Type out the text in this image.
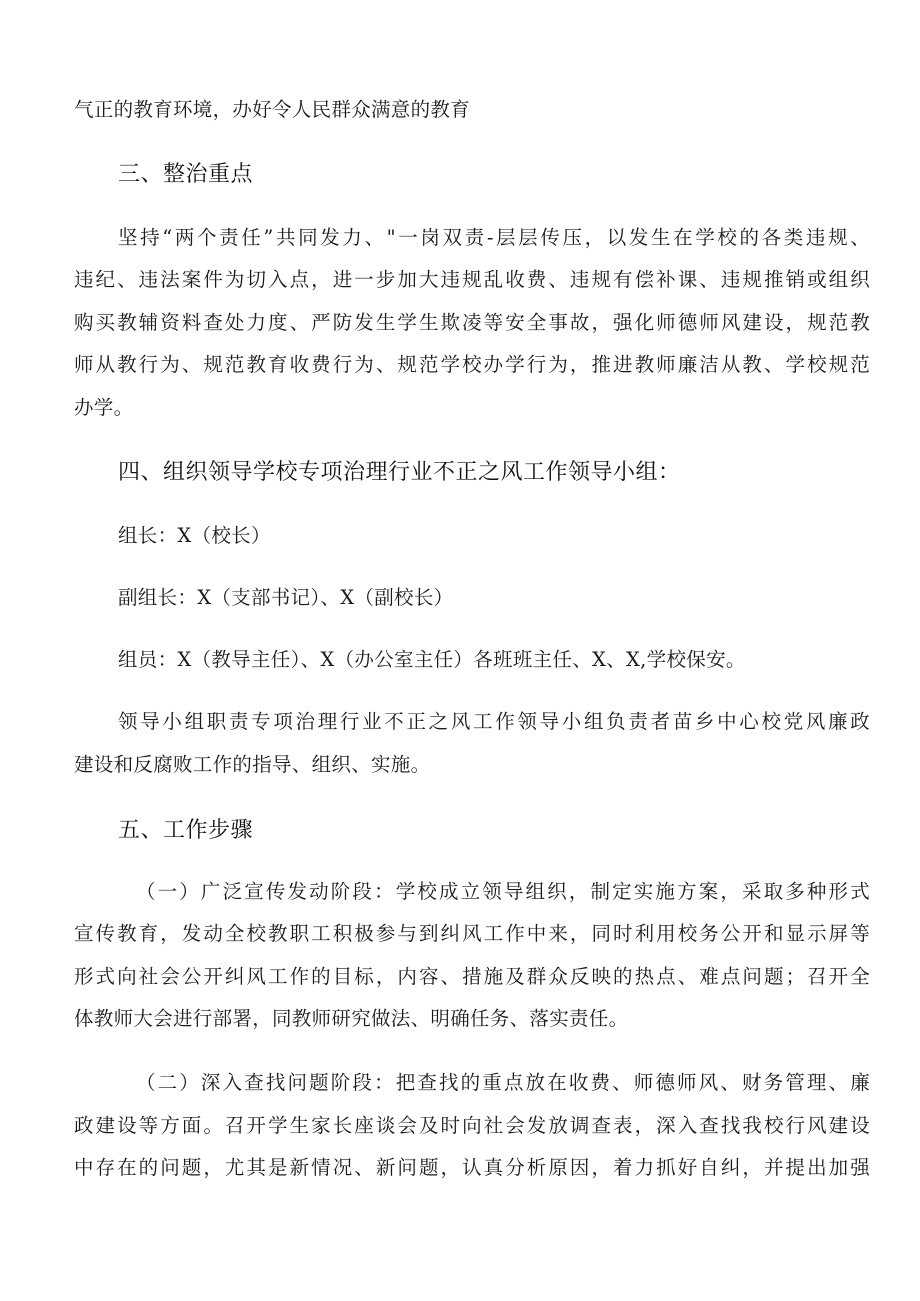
气正的教育环境，办好令人民群众满意的教育
三、整治重点
坚持“两个责任”共同发力、"一岗双责-层层传压，以发生在学校的各类违规、
违纪、违法案件为切入点，进一步加大违规乱收费、违规有偿补课、违规推销或组织
购买教辅资料查处力度、严防发生学生欺凌等安全事故，强化师德师风建设，规范教
师从教行为、规范教育收费行为、规范学校办学行为，推进教师廉洁从教、学校规范
办学。
四、组织领导学校专项治理行业不正之风工作领导小组：
组长：X（校长）
副组长：X（支部书记）、X（副校长）
组员：X（教导主任）、X（办公室主任）各班班主任、X、X,学校保安。
领导小组职责专项治理行业不正之风工作领导小组负责者苗乡中心校党风廉政
建设和反腐败工作的指导、组织、实施。
五、工作步骤
（一）广泛宣传发动阶段：学校成立领导组织，制定实施方案，采取多种形式
宣传教育，发动全校教职工积极参与到纠风工作中来，同时利用校务公开和显示屏等
形式向社会公开纠风工作的目标，内容、措施及群众反映的热点、难点问题；召开全
体教师大会进行部署，同教师研究做法、明确任务、落实责任。
（二）深入查找问题阶段：把查找的重点放在收费、师德师风、财务管理、廉
政建设等方面。召开学生家长座谈会及时向社会发放调查表，深入查找我校行风建设
中存在的问题，尤其是新情况、新问题，认真分析原因，着力抓好自纠，并提出加强
